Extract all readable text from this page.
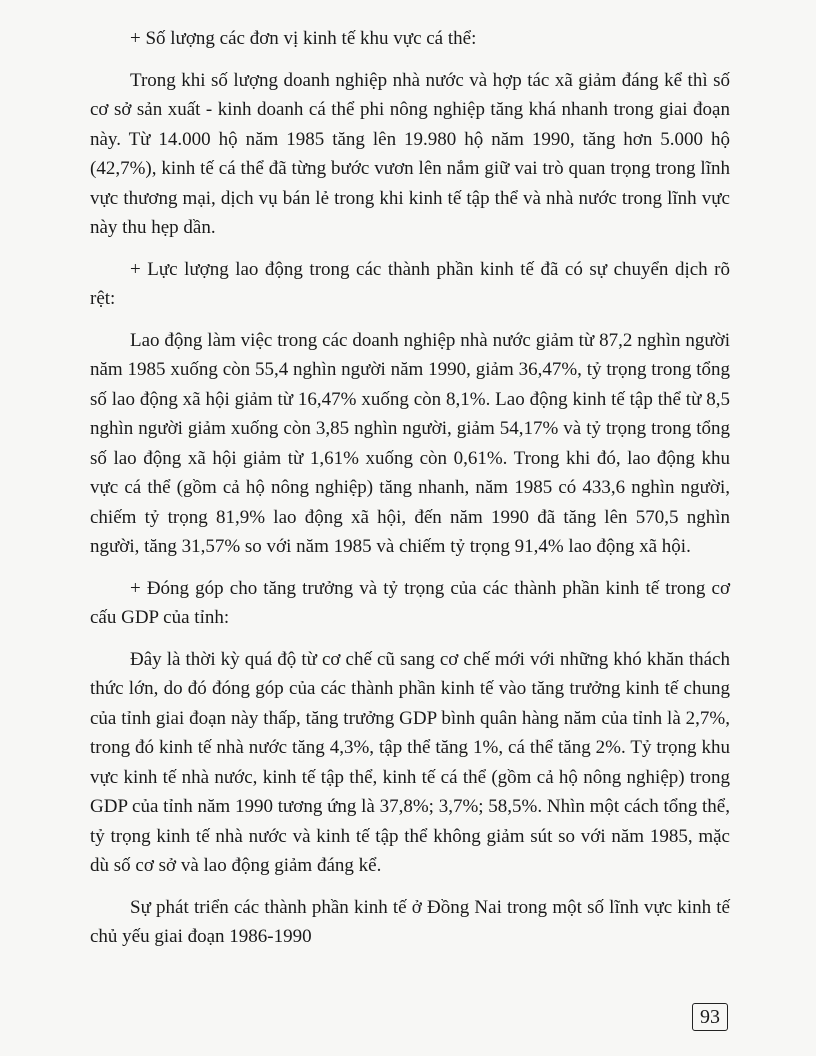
+ Số lượng các đơn vị kinh tế khu vực cá thể:

Trong khi số lượng doanh nghiệp nhà nước và hợp tác xã giảm đáng kể thì số cơ sở sản xuất - kinh doanh cá thể phi nông nghiệp tăng khá nhanh trong giai đoạn này. Từ 14.000 hộ năm 1985 tăng lên 19.980 hộ năm 1990, tăng hơn 5.000 hộ (42,7%), kinh tế cá thể đã từng bước vươn lên nắm giữ vai trò quan trọng trong lĩnh vực thương mại, dịch vụ bán lẻ trong khi kinh tế tập thể và nhà nước trong lĩnh vực này thu hẹp dần.

+ Lực lượng lao động trong các thành phần kinh tế đã có sự chuyển dịch rõ rệt:

Lao động làm việc trong các doanh nghiệp nhà nước giảm từ 87,2 nghìn người năm 1985 xuống còn 55,4 nghìn người năm 1990, giảm 36,47%, tỷ trọng trong tổng số lao động xã hội giảm từ 16,47% xuống còn 8,1%. Lao động kinh tế tập thể từ 8,5 nghìn người giảm xuống còn 3,85 nghìn người, giảm 54,17% và tỷ trọng trong tổng số lao động xã hội giảm từ 1,61% xuống còn 0,61%. Trong khi đó, lao động khu vực cá thể (gồm cả hộ nông nghiệp) tăng nhanh, năm 1985 có 433,6 nghìn người, chiếm tỷ trọng 81,9% lao động xã hội, đến năm 1990 đã tăng lên 570,5 nghìn người, tăng 31,57% so với năm 1985 và chiếm tỷ trọng 91,4% lao động xã hội.

+ Đóng góp cho tăng trưởng và tỷ trọng của các thành phần kinh tế trong cơ cấu GDP của tỉnh:

Đây là thời kỳ quá độ từ cơ chế cũ sang cơ chế mới với những khó khăn thách thức lớn, do đó đóng góp của các thành phần kinh tế vào tăng trưởng kinh tế chung của tỉnh giai đoạn này thấp, tăng trưởng GDP bình quân hàng năm của tỉnh là 2,7%, trong đó kinh tế nhà nước tăng 4,3%, tập thể tăng 1%, cá thể tăng 2%. Tỷ trọng khu vực kinh tế nhà nước, kinh tế tập thể, kinh tế cá thể (gồm cả hộ nông nghiệp) trong GDP của tỉnh năm 1990 tương ứng là 37,8%; 3,7%; 58,5%. Nhìn một cách tổng thể, tỷ trọng kinh tế nhà nước và kinh tế tập thể không giảm sút so với năm 1985, mặc dù số cơ sở và lao động giảm đáng kể.

Sự phát triển các thành phần kinh tế ở Đồng Nai trong một số lĩnh vực kinh tế chủ yếu giai đoạn 1986-1990

93
